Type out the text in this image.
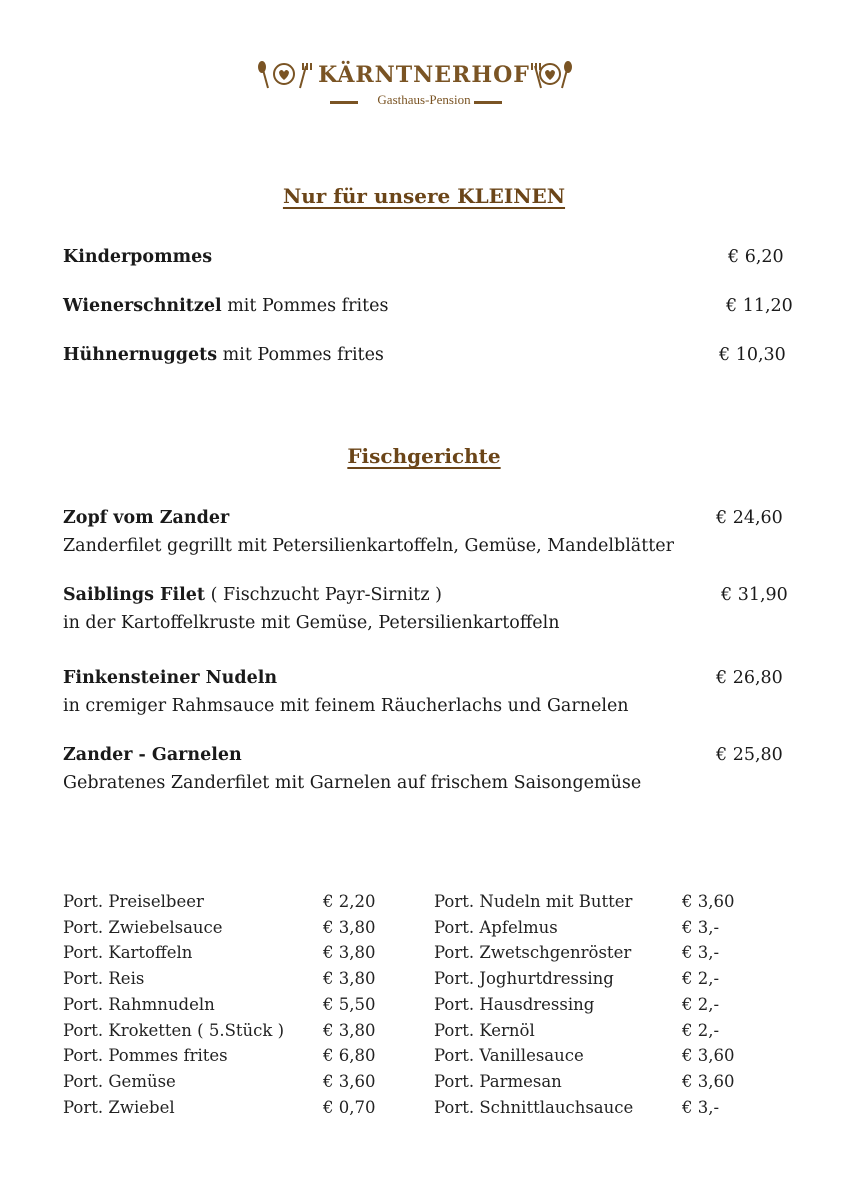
KÄRNTNERHOF
Gasthaus-Pension
Nur für unsere KLEINEN
Kinderpommes	€ 6,20
Wienerschnitzel mit Pommes frites	€ 11,20
Hühnernuggets mit Pommes frites	€ 10,30
Fischgerichte
Zopf vom Zander	€ 24,60
Zanderfilet gegrillt mit Petersilienkartoffeln, Gemüse, Mandelblätter
Saiblings Filet ( Fischzucht Payr-Sirnitz )	€ 31,90
in der Kartoffelkruste mit Gemüse, Petersilienkartoffeln
Finkensteiner Nudeln	€ 26,80
in cremiger Rahmsauce mit feinem Räucherlachs und Garnelen
Zander - Garnelen	€ 25,80
Gebratenes Zanderfilet mit Garnelen auf frischem Saisongemüse
Port. Preiselbeer	€ 2,20
Port. Zwiebelsauce	€ 3,80
Port. Kartoffeln	€ 3,80
Port. Reis	€ 3,80
Port. Rahmnudeln	€ 5,50
Port. Kroketten ( 5.Stück ) € 3,80
Port. Pommes frites	€ 6,80
Port. Gemüse	€ 3,60
Port. Zwiebel	€ 0,70
Port. Nudeln mit Butter	€ 3,60
Port. Apfelmus	€ 3,-
Port. Zwetschgenröster	€ 3,-
Port. Joghurtdressing	€ 2,-
Port. Hausdressing	€ 2,-
Port. Kernöl	€ 2,-
Port. Vanillesauce	€ 3,60
Port. Parmesan	€ 3,60
Port. Schnittlauchsauce	€ 3,-
